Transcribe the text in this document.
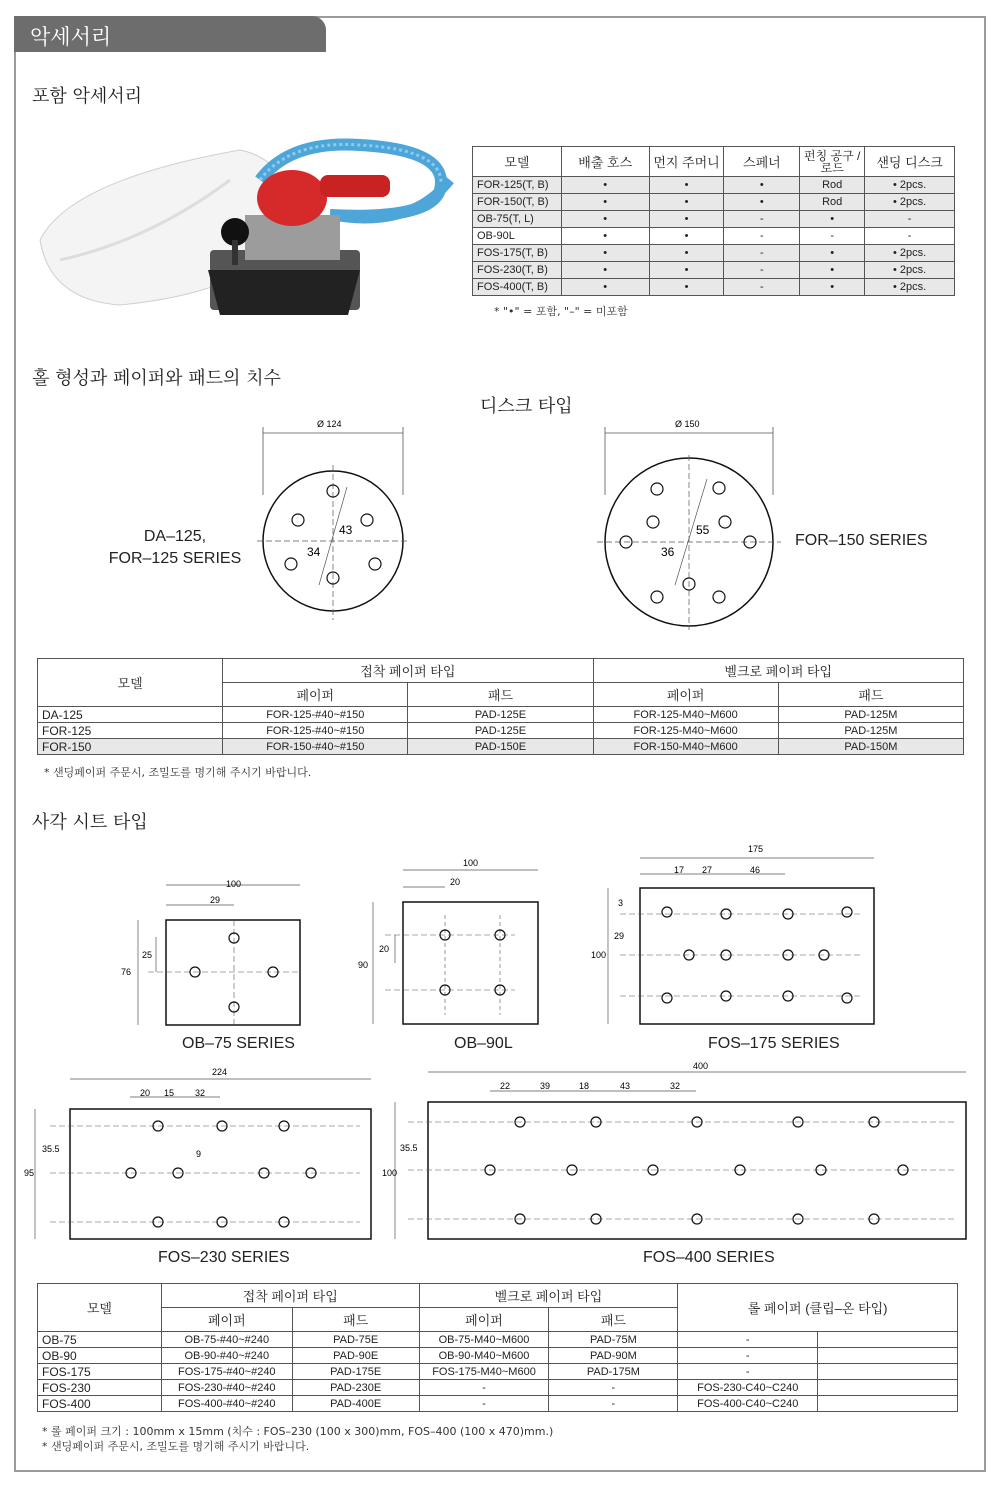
악세서리
포함 악세서리
모델	배출 호스	먼지 주머니	스페너	펀칭 공구 / 로드	샌딩 디스크
FOR-125(T, B)	•	•	•	Rod	• 2pcs.
FOR-150(T, B)	•	•	•	Rod	• 2pcs.
OB-75(T, L)	•	•	-	•	-
OB-90L	•	•	-	-	-
FOS-175(T, B)	•	•	-	•	• 2pcs.
FOS-230(T, B)	•	•	-	•	• 2pcs.
FOS-400(T, B)	•	•	-	•	• 2pcs.
* "•" = 포함, "–" = 미포함
홀 형성과 페이퍼와 패드의 치수
디스크 타입
DA–125,
FOR–125 SERIES
FOR–150 SERIES
Ø 124
43
34
Ø 150
55
36
모델	접착 페이퍼 타입		벨크로 페이퍼 타입	
	페이퍼	패드	페이퍼	패드
DA-125	FOR-125-#40~#150	PAD-125E	FOR-125-M40~M600	PAD-125M
FOR-125	FOR-125-#40~#150	PAD-125E	FOR-125-M40~M600	PAD-125M
FOR-150	FOR-150-#40~#150	PAD-150E	FOR-150-M40~M600	PAD-150M
* 샌딩페이퍼 주문시, 조밀도를 명기해 주시기 바랍니다.
사각 시트 타입
100
29
76
25
OB–75 SERIES
100
20
90
20
OB–90L
175
17 27	46
100
3
29
FOS–175 SERIES
224
20 15 32
95
35.5	9
FOS–230 SERIES
400
22	39	18	43	32
100
35.5
FOS–400 SERIES
모델	접착 페이퍼 타입		벨크로 페이퍼 타입		롤 페이퍼 (클립–온 타입)	
	페이퍼	패드	페이퍼	패드		
OB-75	OB-75-#40~#240	PAD-75E	OB-75-M40~M600	PAD-75M	-	
OB-90	OB-90-#40~#240	PAD-90E	OB-90-M40~M600	PAD-90M	-	
FOS-175	FOS-175-#40~#240	PAD-175E	FOS-175-M40~M600	PAD-175M	-	
FOS-230	FOS-230-#40~#240	PAD-230E	-	-	FOS-230-C40~C240	
FOS-400	FOS-400-#40~#240	PAD-400E	-	-	FOS-400-C40~C240	
* 롤 페이퍼 크기 : 100mm x 15mm (치수 : FOS–230 (100 x 300)mm, FOS–400 (100 x 470)mm.)
* 샌딩페이퍼 주문시, 조밀도를 명기해 주시기 바랍니다.
